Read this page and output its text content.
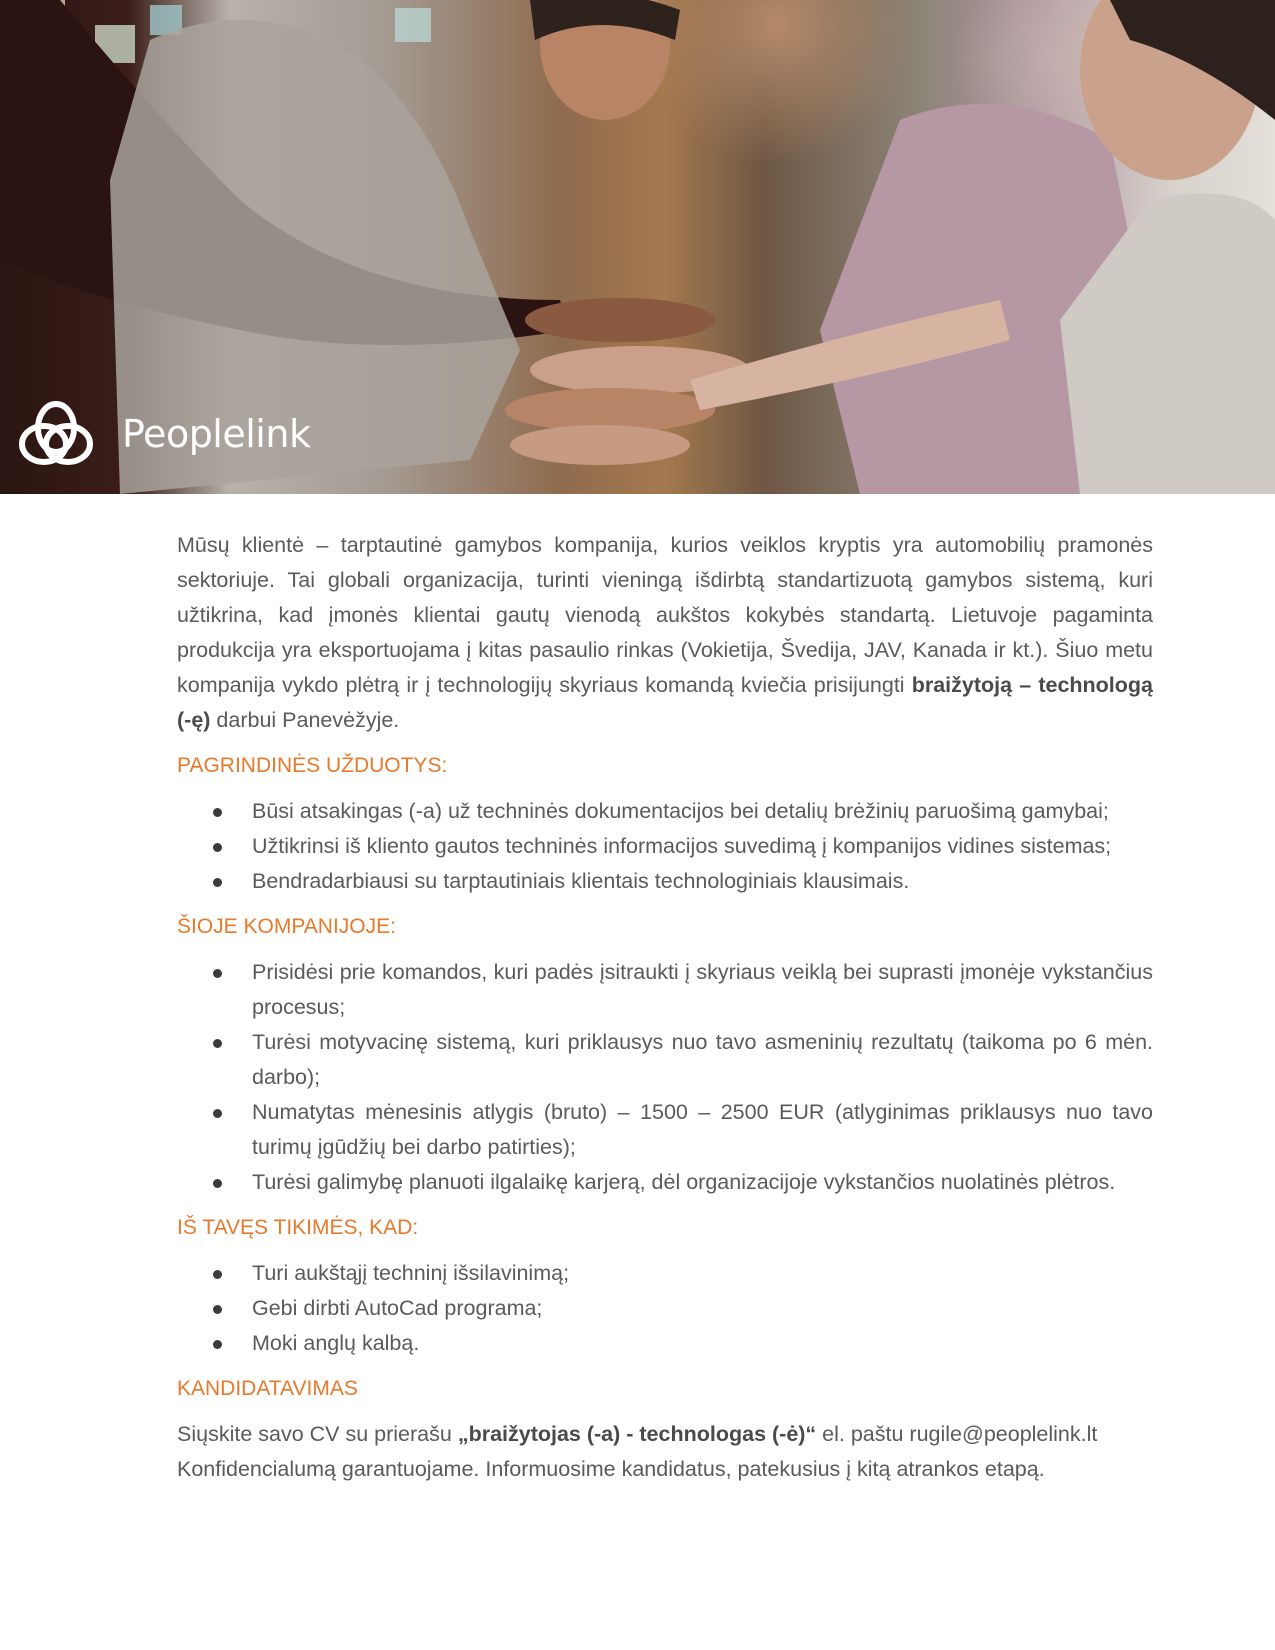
Peoplelink

Mūsų klientė – tarptautinė gamybos kompanija, kurios veiklos kryptis yra automobilių pramonės sektoriuje. Tai globali organizacija, turinti vieningą išdirbtą standartizuotą gamybos sistemą, kuri užtikrina, kad įmonės klientai gautų vienodą aukštos kokybės standartą. Lietuvoje pagaminta produkcija yra eksportuojama į kitas pasaulio rinkas (Vokietija, Švedija, JAV, Kanada ir kt.). Šiuo metu kompanija vykdo plėtrą ir į technologijų skyriaus komandą kviečia prisijungti braižytoją – technologą (-ę) darbui Panevėžyje.

PAGRINDINĖS UŽDUOTYS:
Būsi atsakingas (-a) už techninės dokumentacijos bei detalių brėžinių paruošimą gamybai;
Užtikrinsi iš kliento gautos techninės informacijos suvedimą į kompanijos vidines sistemas;
Bendradarbiausi su tarptautiniais klientais technologiniais klausimais.
ŠIOJE KOMPANIJOJE:
Prisidėsi prie komandos, kuri padės įsitraukti į skyriaus veiklą bei suprasti įmonėje vykstančius procesus;
Turėsi motyvacinę sistemą, kuri priklausys nuo tavo asmeninių rezultatų (taikoma po 6 mėn. darbo);
Numatytas mėnesinis atlygis (bruto) – 1500 – 2500 EUR (atlyginimas priklausys nuo tavo turimų įgūdžių bei darbo patirties);
Turėsi galimybę planuoti ilgalaikę karjerą, dėl organizacijoje vykstančios nuolatinės plėtros.
IŠ TAVĘS TIKIMĖS, KAD:
Turi aukštąjį techninį išsilavinimą;
Gebi dirbti AutoCad programa;
Moki anglų kalbą.
KANDIDATAVIMAS

Siųskite savo CV su prierašu „braižytojas (-a) - technologas (-ė)“ el. paštu rugile@peoplelink.lt

Konfidencialumą garantuojame. Informuosime kandidatus, patekusius į kitą atrankos etapą.
